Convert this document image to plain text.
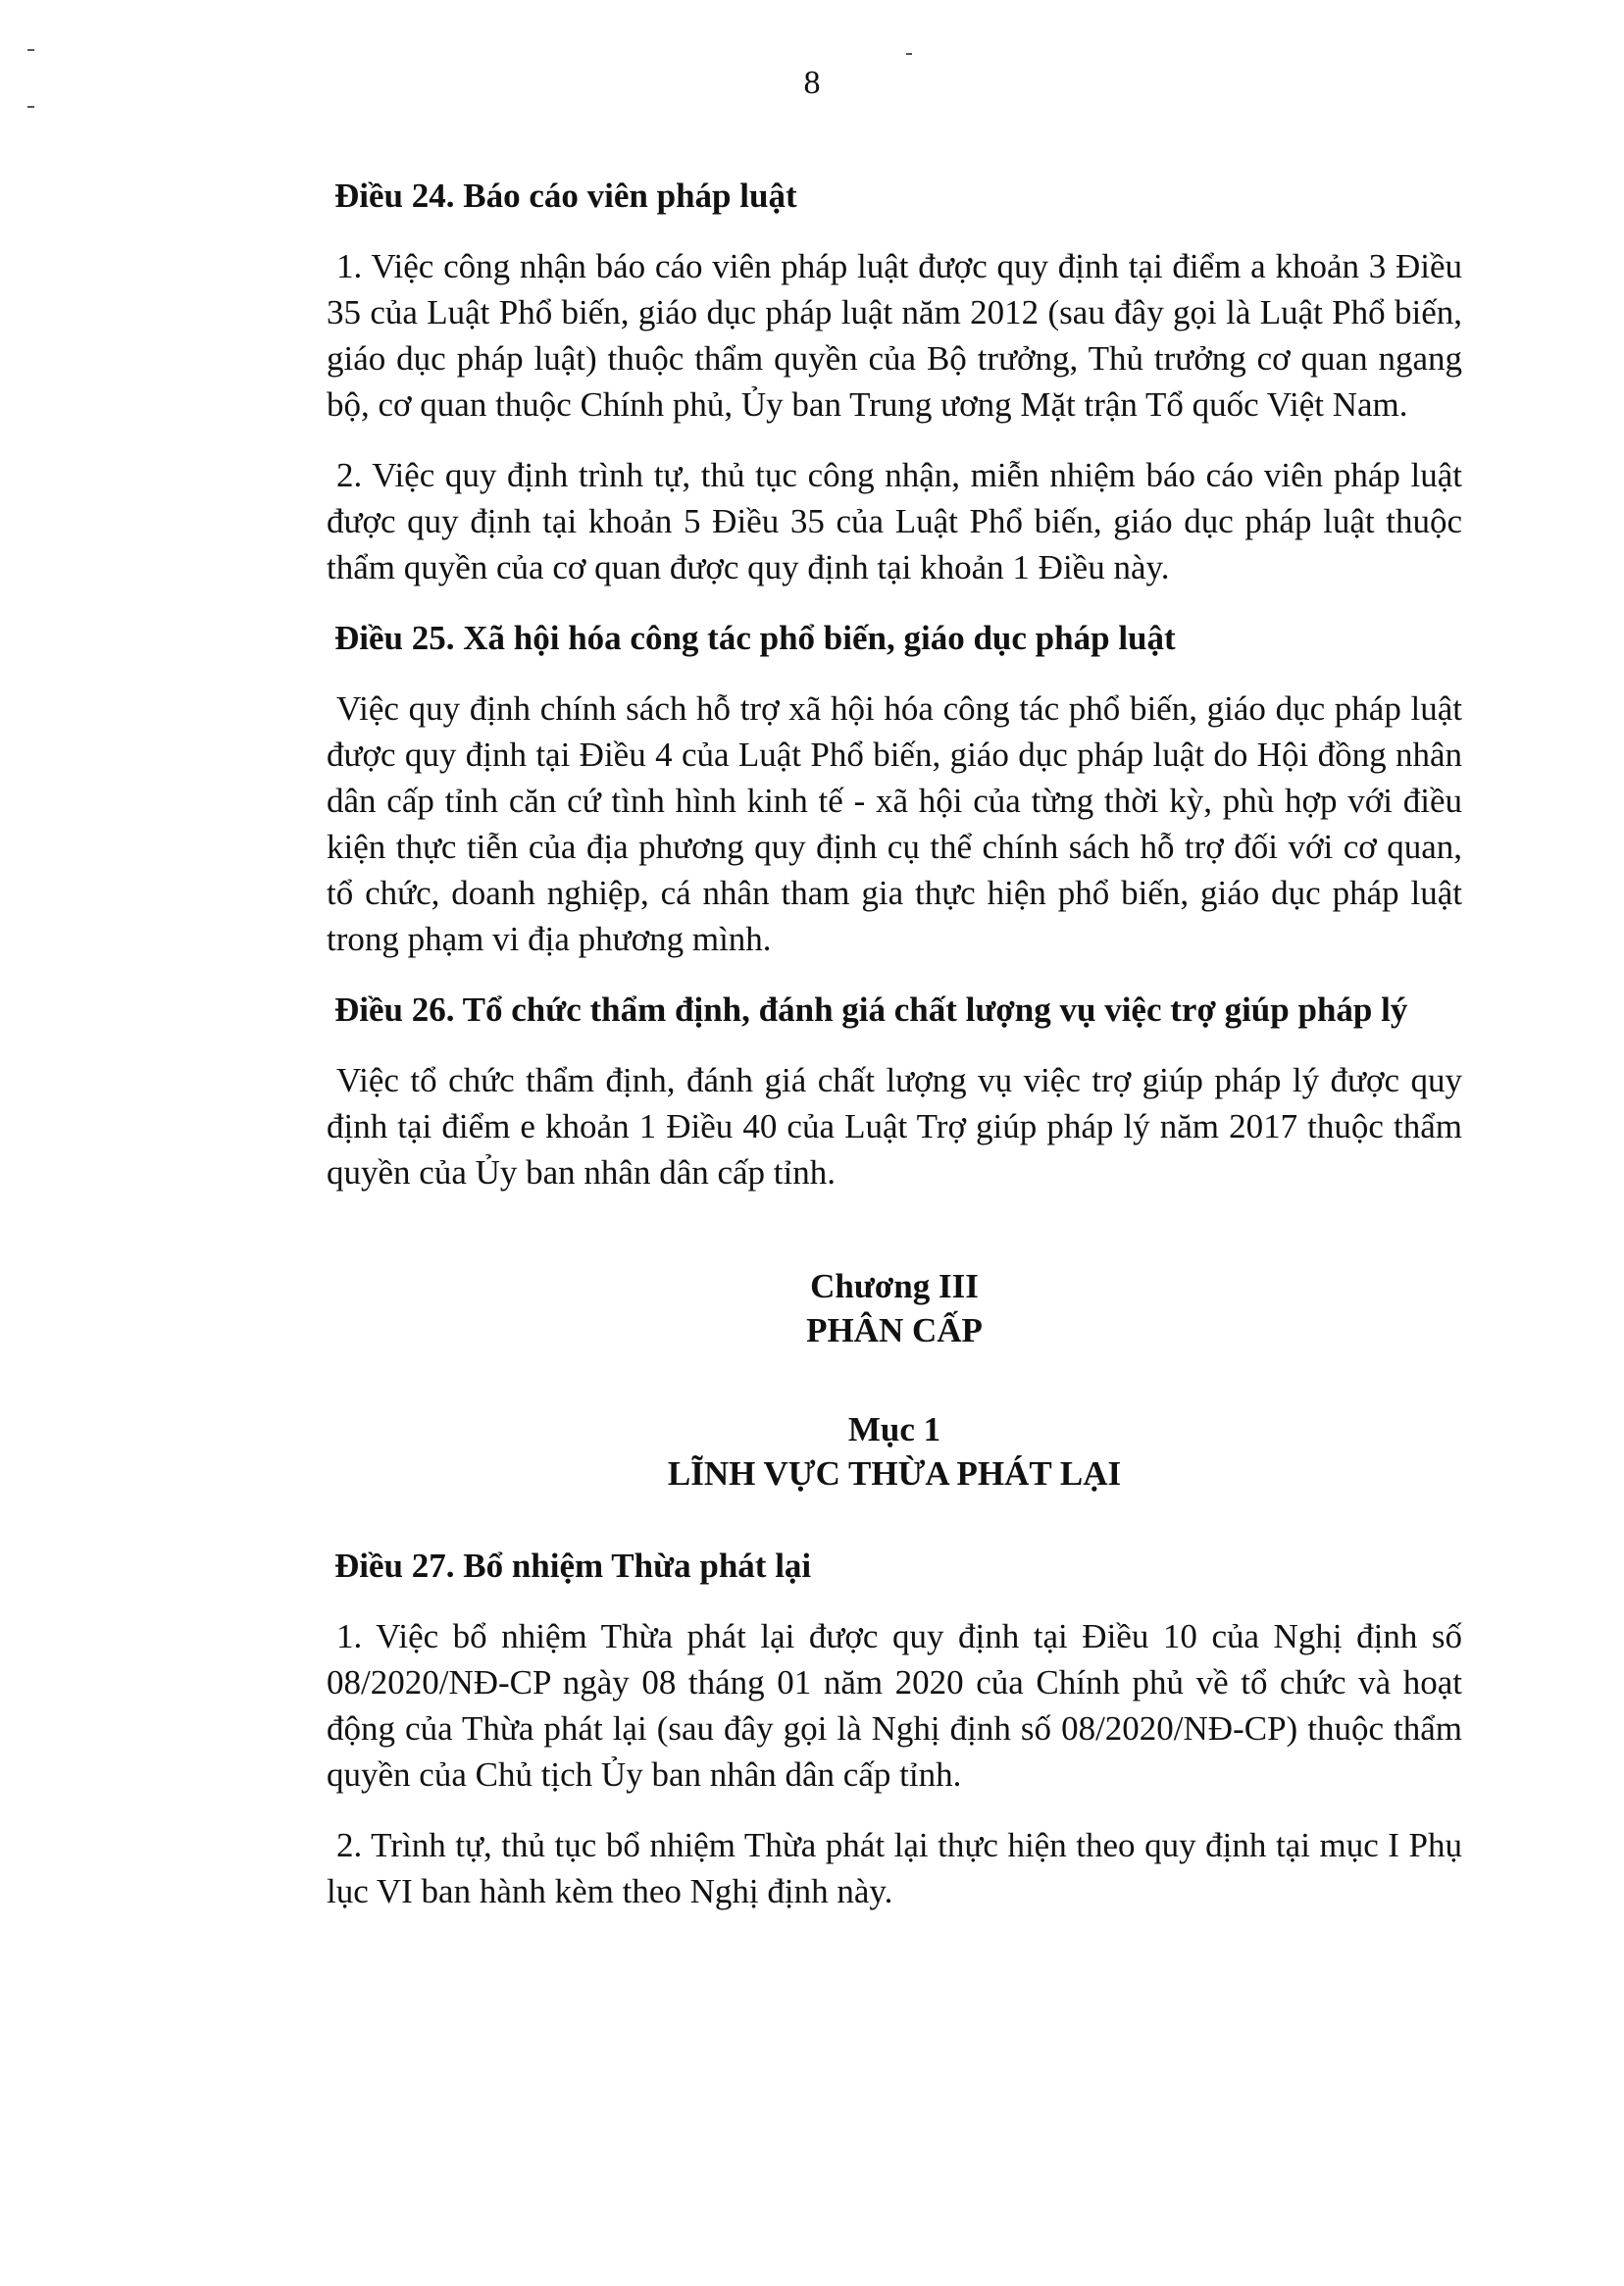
8

Điều 24. Báo cáo viên pháp luật

1. Việc công nhận báo cáo viên pháp luật được quy định tại điểm a khoản 3 Điều 35 của Luật Phổ biến, giáo dục pháp luật năm 2012 (sau đây gọi là Luật Phổ biến, giáo dục pháp luật) thuộc thẩm quyền của Bộ trưởng, Thủ trưởng cơ quan ngang bộ, cơ quan thuộc Chính phủ, Ủy ban Trung ương Mặt trận Tổ quốc Việt Nam.

2. Việc quy định trình tự, thủ tục công nhận, miễn nhiệm báo cáo viên pháp luật được quy định tại khoản 5 Điều 35 của Luật Phổ biến, giáo dục pháp luật thuộc thẩm quyền của cơ quan được quy định tại khoản 1 Điều này.

Điều 25. Xã hội hóa công tác phổ biến, giáo dục pháp luật

Việc quy định chính sách hỗ trợ xã hội hóa công tác phổ biến, giáo dục pháp luật được quy định tại Điều 4 của Luật Phổ biến, giáo dục pháp luật do Hội đồng nhân dân cấp tỉnh căn cứ tình hình kinh tế - xã hội của từng thời kỳ, phù hợp với điều kiện thực tiễn của địa phương quy định cụ thể chính sách hỗ trợ đối với cơ quan, tổ chức, doanh nghiệp, cá nhân tham gia thực hiện phổ biến, giáo dục pháp luật trong phạm vi địa phương mình.

Điều 26. Tổ chức thẩm định, đánh giá chất lượng vụ việc trợ giúp pháp lý

Việc tổ chức thẩm định, đánh giá chất lượng vụ việc trợ giúp pháp lý được quy định tại điểm e khoản 1 Điều 40 của Luật Trợ giúp pháp lý năm 2017 thuộc thẩm quyền của Ủy ban nhân dân cấp tỉnh.

Chương III

PHÂN CẤP

Mục 1

LĨNH VỰC THỪA PHÁT LẠI

Điều 27. Bổ nhiệm Thừa phát lại

1. Việc bổ nhiệm Thừa phát lại được quy định tại Điều 10 của Nghị định số 08/2020/NĐ-CP ngày 08 tháng 01 năm 2020 của Chính phủ về tổ chức và hoạt động của Thừa phát lại (sau đây gọi là Nghị định số 08/2020/NĐ-CP) thuộc thẩm quyền của Chủ tịch Ủy ban nhân dân cấp tỉnh.

2. Trình tự, thủ tục bổ nhiệm Thừa phát lại thực hiện theo quy định tại mục I Phụ lục VI ban hành kèm theo Nghị định này.
